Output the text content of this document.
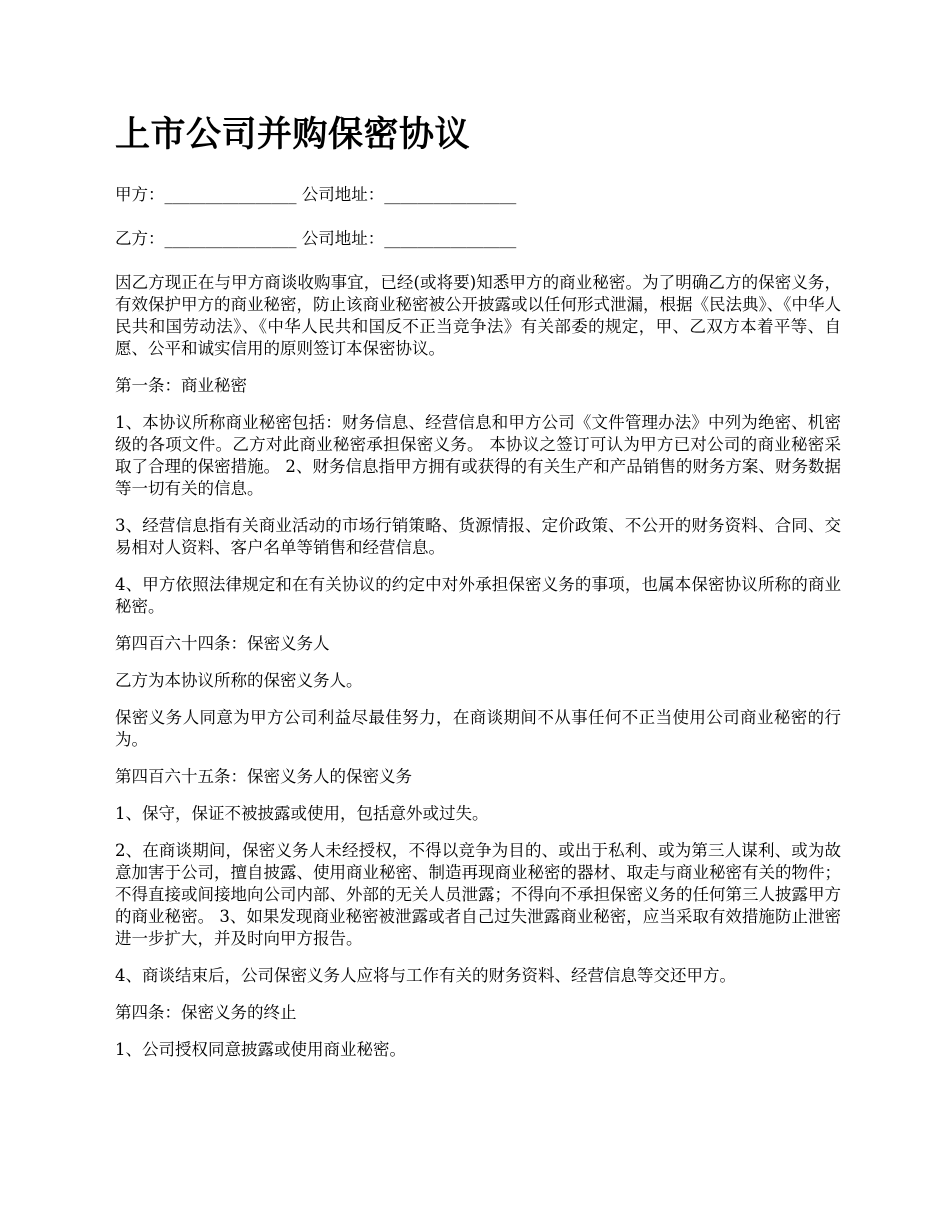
上市公司并购保密协议

甲方：________________ 公司地址：________________

乙方：________________ 公司地址：________________

因乙方现正在与甲方商谈收购事宜，已经(或将要)知悉甲方的商业秘密。为了明确乙方的保密义务，有效保护甲方的商业秘密，防止该商业秘密被公开披露或以任何形式泄漏，根据《民法典》、《中华人民共和国劳动法》、《中华人民共和国反不正当竞争法》有关部委的规定，甲、乙双方本着平等、自愿、公平和诚实信用的原则签订本保密协议。

第一条：商业秘密

1、本协议所称商业秘密包括：财务信息、经营信息和甲方公司《文件管理办法》中列为绝密、机密级的各项文件。乙方对此商业秘密承担保密义务。 本协议之签订可认为甲方已对公司的商业秘密采取了合理的保密措施。 2、财务信息指甲方拥有或获得的有关生产和产品销售的财务方案、财务数据等一切有关的信息。

3、经营信息指有关商业活动的市场行销策略、货源情报、定价政策、不公开的财务资料、合同、交易相对人资料、客户名单等销售和经营信息。

4、甲方依照法律规定和在有关协议的约定中对外承担保密义务的事项，也属本保密协议所称的商业秘密。

第四百六十四条：保密义务人

乙方为本协议所称的保密义务人。

保密义务人同意为甲方公司利益尽最佳努力，在商谈期间不从事任何不正当使用公司商业秘密的行为。

第四百六十五条：保密义务人的保密义务

1、保守，保证不被披露或使用，包括意外或过失。

2、在商谈期间，保密义务人未经授权，不得以竞争为目的、或出于私利、或为第三人谋利、或为故意加害于公司，擅自披露、使用商业秘密、制造再现商业秘密的器材、取走与商业秘密有关的物件；不得直接或间接地向公司内部、外部的无关人员泄露；不得向不承担保密义务的任何第三人披露甲方的商业秘密。 3、如果发现商业秘密被泄露或者自己过失泄露商业秘密，应当采取有效措施防止泄密进一步扩大，并及时向甲方报告。

4、商谈结束后，公司保密义务人应将与工作有关的财务资料、经营信息等交还甲方。

第四条：保密义务的终止

1、公司授权同意披露或使用商业秘密。
